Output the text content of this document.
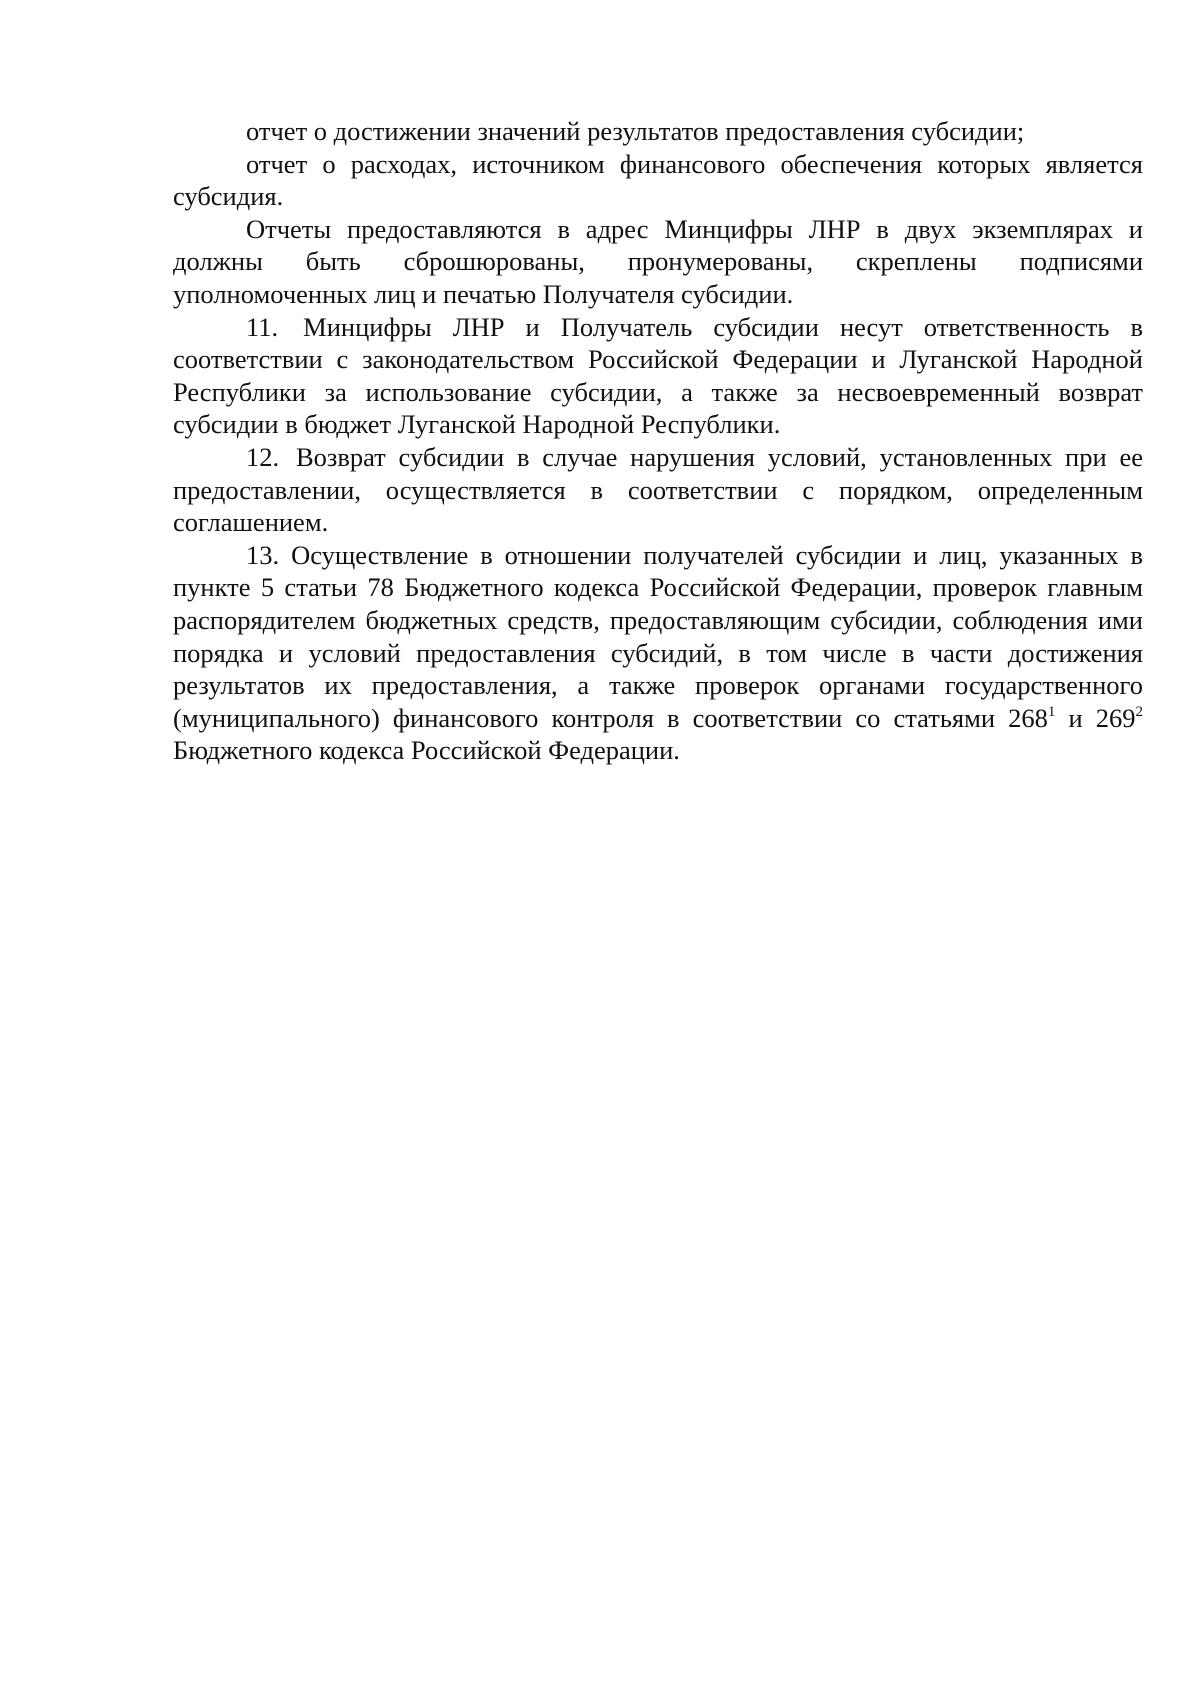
отчет о достижении значений результатов предоставления субсидии;

отчет о расходах, источником финансового обеспечения которых является субсидия.

Отчеты предоставляются в адрес Минцифры ЛНР в двух экземплярах и должны быть сброшюрованы, пронумерованы, скреплены подписями уполномоченных лиц и печатью Получателя субсидии.

11. Минцифры ЛНР и Получатель субсидии несут ответственность в соответствии с законодательством Российской Федерации и Луганской Народной Республики за использование субсидии, а также за несвоевременный возврат субсидии в бюджет Луганской Народной Республики.

12. Возврат субсидии в случае нарушения условий, установленных при ее предоставлении, осуществляется в соответствии с порядком, определенным соглашением.

13. Осуществление в отношении получателей субсидии и лиц, указанных в пункте 5 статьи 78 Бюджетного кодекса Российской Федерации, проверок главным распорядителем бюджетных средств, предоставляющим субсидии, соблюдения ими порядка и условий предоставления субсидий, в том числе в части достижения результатов их предоставления, а также проверок органами государственного (муниципального) финансового контроля в соответствии со статьями $268^1$ и $269^2$ Бюджетного кодекса Российской Федерации.
